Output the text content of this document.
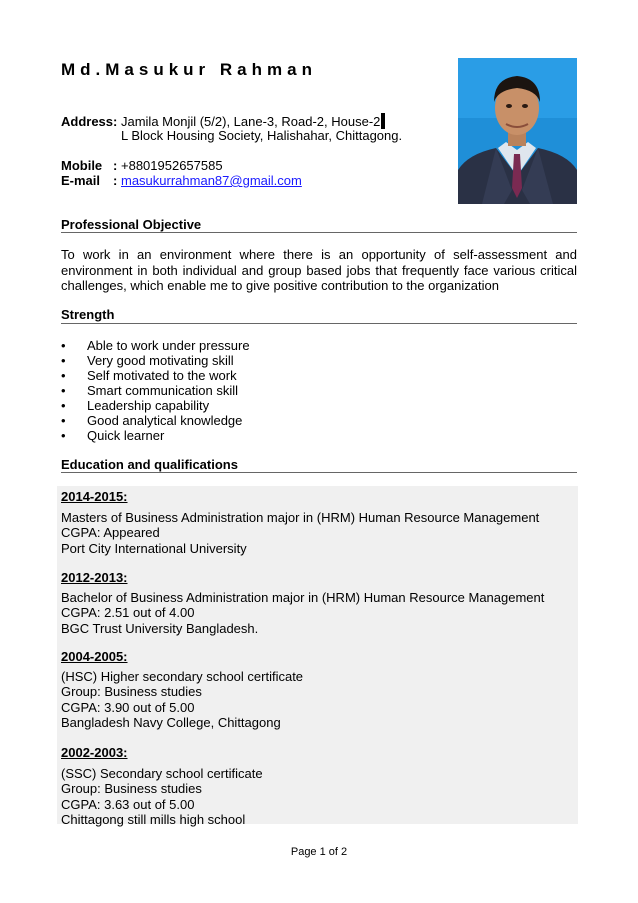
Md.Masukur Rahman
Address: Jamila Monjil (5/2), Lane-3, Road-2, House-2
L Block Housing Society, Halishahar, Chittagong.
Mobile : +8801952657585
E-mail : masukurrahman87@gmail.com
Professional Objective
To work in an environment where there is an opportunity of self-assessment and environment in both individual and group based jobs that frequently face various critical challenges, which enable me to give positive contribution to the organization
Strength
• Able to work under pressure
• Very good motivating skill
• Self motivated to the work
• Smart communication skill
• Leadership capability
• Good analytical knowledge
• Quick learner
Education and qualifications
2014-2015:
Masters of Business Administration major in (HRM) Human Resource Management
CGPA: Appeared
Port City International University
2012-2013:
Bachelor of Business Administration major in (HRM) Human Resource Management
CGPA: 2.51 out of 4.00
BGC Trust University Bangladesh.
2004-2005:
(HSC) Higher secondary school certificate
Group: Business studies
CGPA: 3.90 out of 5.00
Bangladesh Navy College, Chittagong
2002-2003:
(SSC) Secondary school certificate
Group: Business studies
CGPA: 3.63 out of 5.00
Chittagong still mills high school
Page 1 of 2
